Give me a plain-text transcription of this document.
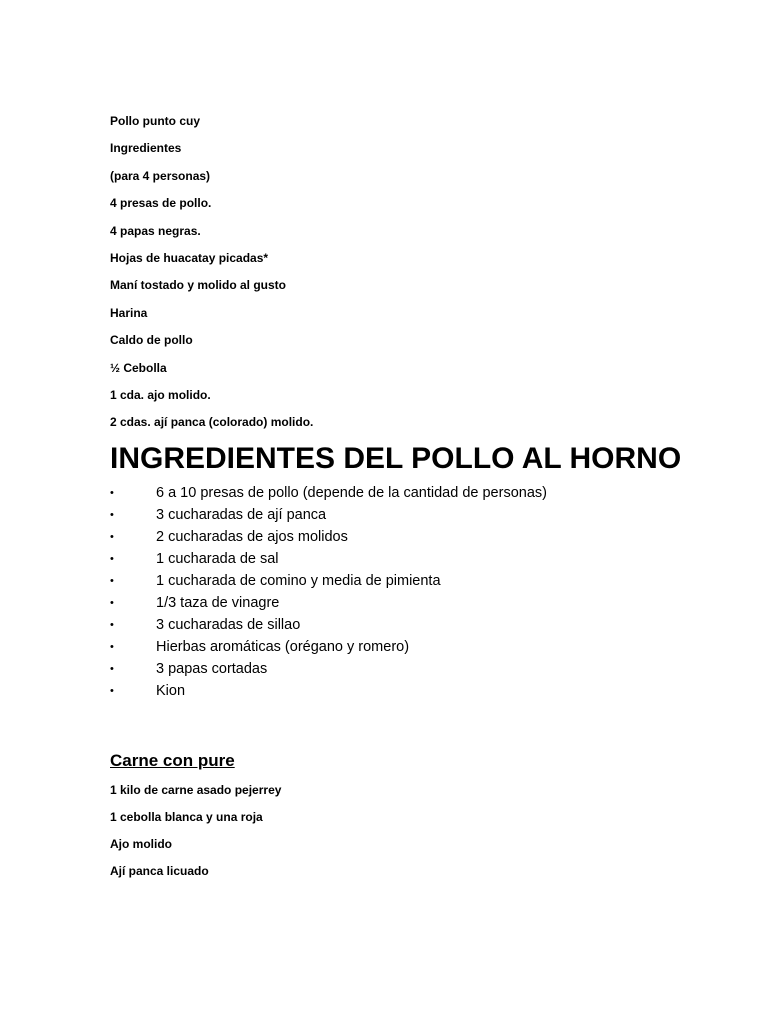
Pollo punto cuy
Ingredientes
(para 4 personas)
4 presas de pollo.
4 papas negras.
Hojas de huacatay picadas*
Maní tostado y molido al gusto
Harina
Caldo de pollo
½ Cebolla
1 cda. ajo molido.
2 cdas. ají panca (colorado) molido.
INGREDIENTES DEL POLLO AL HORNO
•	6 a 10 presas de pollo (depende de la cantidad de personas)
•	3 cucharadas de ají panca
•	2 cucharadas de ajos molidos
•	1 cucharada de sal
•	1 cucharada de comino y media de pimienta
•	1/3 taza de vinagre
•	3 cucharadas de sillao
•	Hierbas aromáticas (orégano y romero)
•	3 papas cortadas
•	Kion
Carne con pure
1 kilo de carne asado pejerrey
1 cebolla blanca y una roja
Ajo molido
Ají panca licuado
